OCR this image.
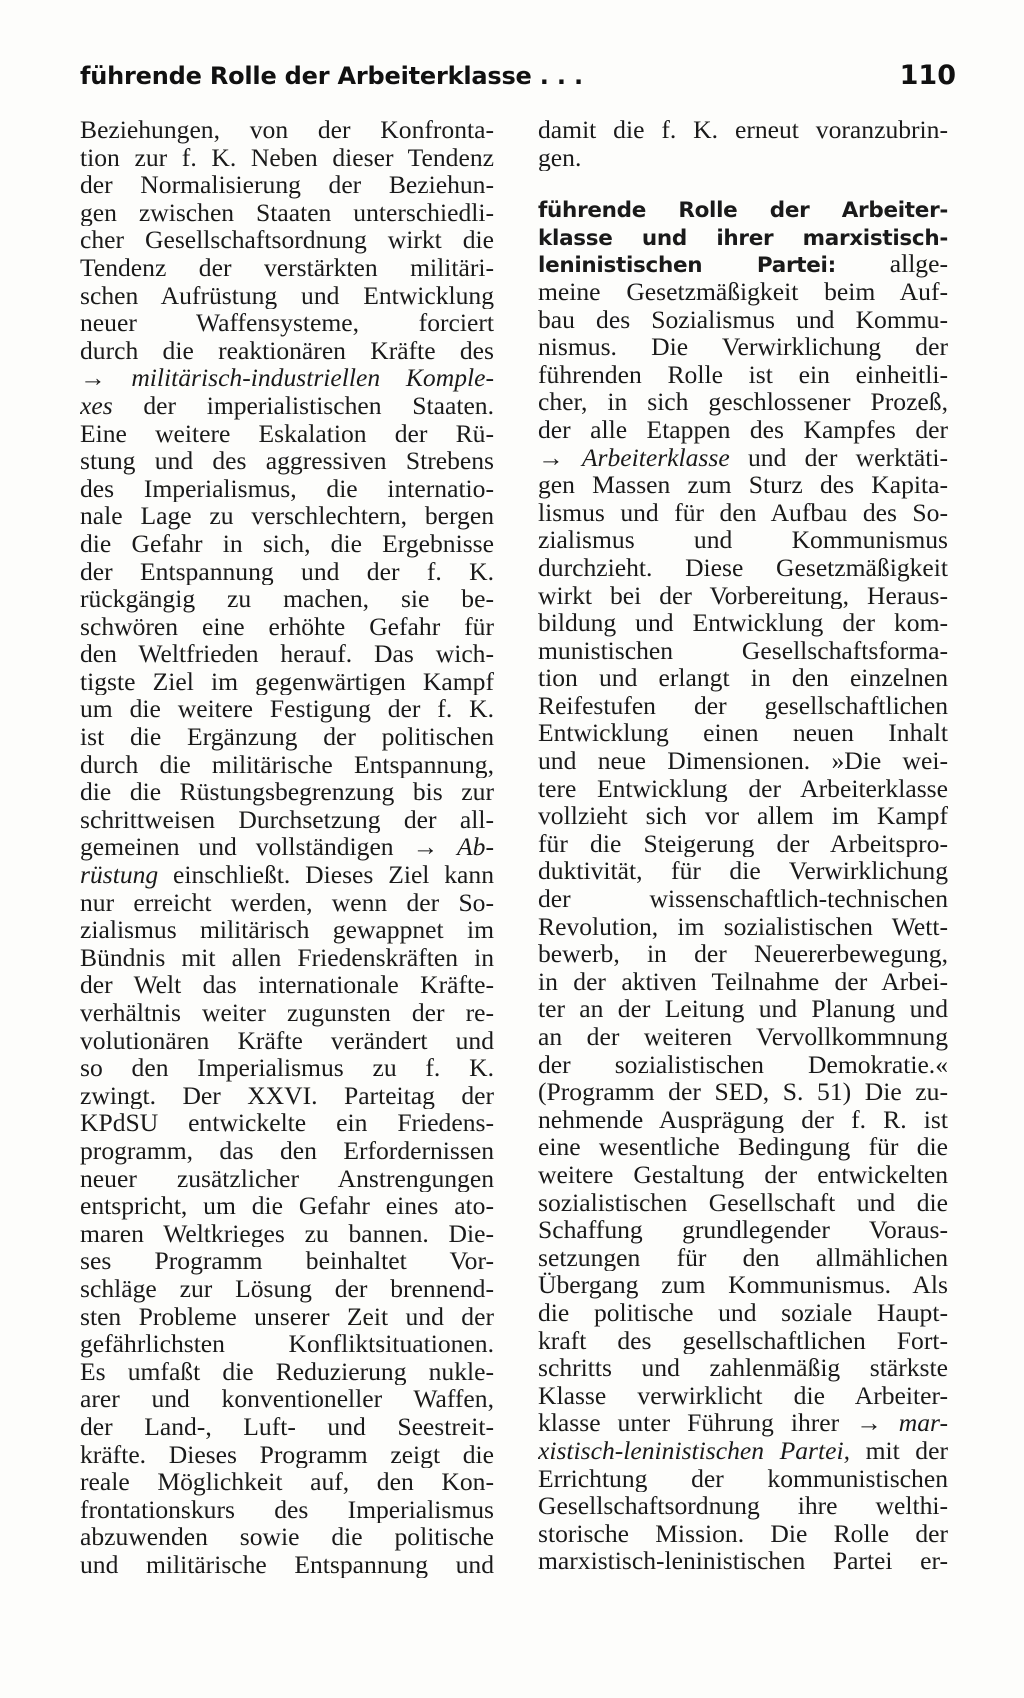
führende Rolle der Arbeiterklasse . . .	110
Beziehungen, von der Konfronta-
tion zur f. K. Neben dieser Tendenz
der Normalisierung der Beziehun-
gen zwischen Staaten unterschiedli-
cher Gesellschaftsordnung wirkt die
Tendenz der verstärkten militäri-
schen Aufrüstung und Entwicklung
neuer Waffensysteme, forciert
durch die reaktionären Kräfte des
→ militärisch-industriellen Komple-
xes der imperialistischen Staaten.
Eine weitere Eskalation der Rü-
stung und des aggressiven Strebens
des Imperialismus, die internatio-
nale Lage zu verschlechtern, bergen
die Gefahr in sich, die Ergebnisse
der Entspannung und der f. K.
rückgängig zu machen, sie be-
schwören eine erhöhte Gefahr für
den Weltfrieden herauf. Das wich-
tigste Ziel im gegenwärtigen Kampf
um die weitere Festigung der f. K.
ist die Ergänzung der politischen
durch die militärische Entspannung,
die die Rüstungsbegrenzung bis zur
schrittweisen Durchsetzung der all-
gemeinen und vollständigen → Ab-
rüstung einschließt. Dieses Ziel kann
nur erreicht werden, wenn der So-
zialismus militärisch gewappnet im
Bündnis mit allen Friedenskräften in
der Welt das internationale Kräfte-
verhältnis weiter zugunsten der re-
volutionären Kräfte verändert und
so den Imperialismus zu f. K.
zwingt. Der XXVI. Parteitag der
KPdSU entwickelte ein Friedens-
programm, das den Erfordernissen
neuer zusätzlicher Anstrengungen
entspricht, um die Gefahr eines ato-
maren Weltkrieges zu bannen. Die-
ses Programm beinhaltet Vor-
schläge zur Lösung der brennend-
sten Probleme unserer Zeit und der
gefährlichsten Konfliktsituationen.
Es umfaßt die Reduzierung nukle-
arer und konventioneller Waffen,
der Land-, Luft- und Seestreit-
kräfte. Dieses Programm zeigt die
reale Möglichkeit auf, den Kon-
frontationskurs des Imperialismus
abzuwenden sowie die politische
und militärische Entspannung und
damit die f. K. erneut voranzubrin-
gen.
führende Rolle der Arbeiter-
klasse und ihrer marxistisch-
leninistischen Partei: allge-
meine Gesetzmäßigkeit beim Auf-
bau des Sozialismus und Kommu-
nismus. Die Verwirklichung der
führenden Rolle ist ein einheitli-
cher, in sich geschlossener Prozeß,
der alle Etappen des Kampfes der
→ Arbeiterklasse und der werktäti-
gen Massen zum Sturz des Kapita-
lismus und für den Aufbau des So-
zialismus und Kommunismus
durchzieht. Diese Gesetzmäßigkeit
wirkt bei der Vorbereitung, Heraus-
bildung und Entwicklung der kom-
munistischen Gesellschaftsforma-
tion und erlangt in den einzelnen
Reifestufen der gesellschaftlichen
Entwicklung einen neuen Inhalt
und neue Dimensionen. »Die wei-
tere Entwicklung der Arbeiterklasse
vollzieht sich vor allem im Kampf
für die Steigerung der Arbeitspro-
duktivität, für die Verwirklichung
der wissenschaftlich-technischen
Revolution, im sozialistischen Wett-
bewerb, in der Neuererbewegung,
in der aktiven Teilnahme der Arbei-
ter an der Leitung und Planung und
an der weiteren Vervollkommnung
der sozialistischen Demokratie.«
(Programm der SED, S. 51) Die zu-
nehmende Ausprägung der f. R. ist
eine wesentliche Bedingung für die
weitere Gestaltung der entwickelten
sozialistischen Gesellschaft und die
Schaffung grundlegender Voraus-
setzungen für den allmählichen
Übergang zum Kommunismus. Als
die politische und soziale Haupt-
kraft des gesellschaftlichen Fort-
schritts und zahlenmäßig stärkste
Klasse verwirklicht die Arbeiter-
klasse unter Führung ihrer → mar-
xistisch-leninistischen Partei, mit der
Errichtung der kommunistischen
Gesellschaftsordnung ihre welthi-
storische Mission. Die Rolle der
marxistisch-leninistischen Partei er-
